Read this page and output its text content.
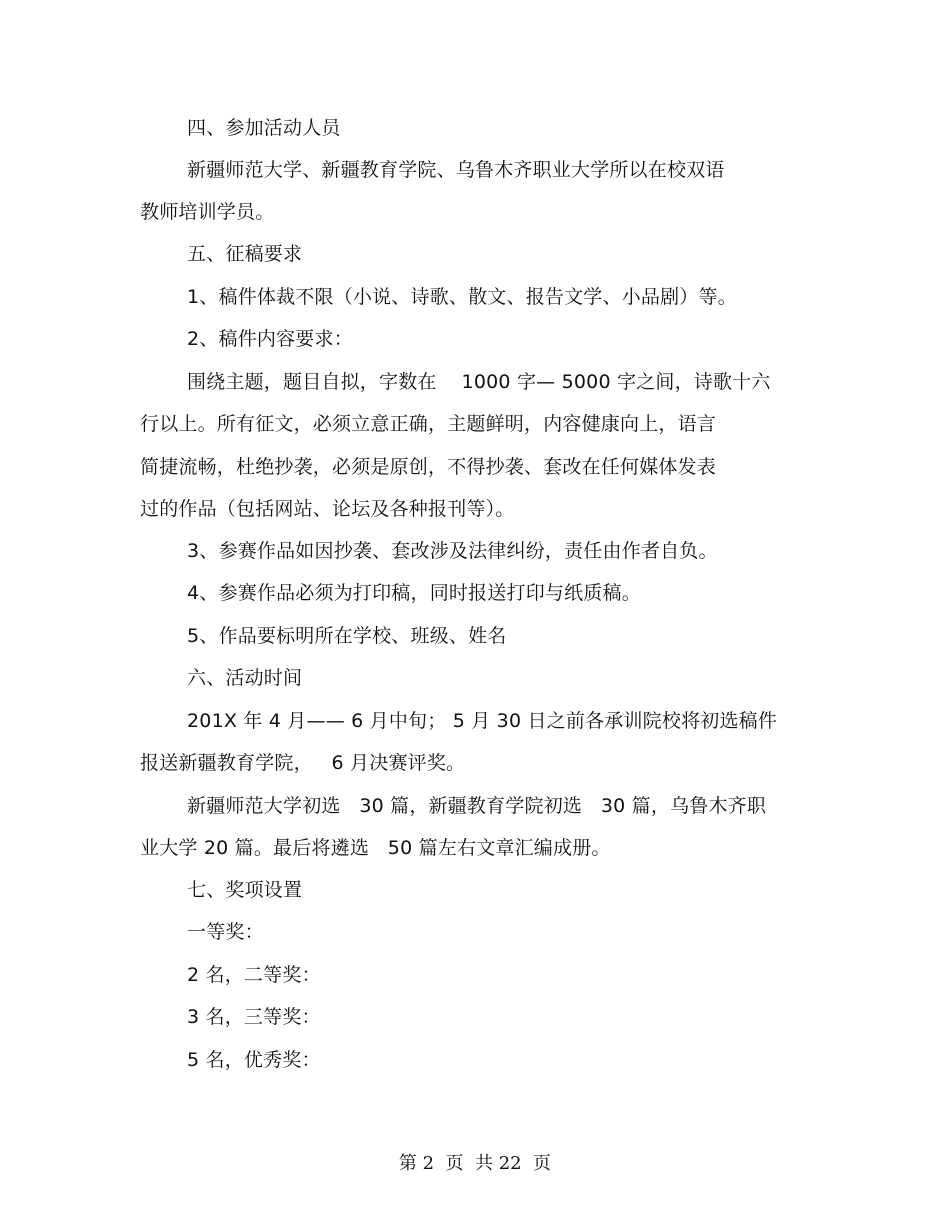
四、参加活动人员
新疆师范大学、新疆教育学院、乌鲁木齐职业大学所以在校双语
教师培训学员。
五、征稿要求
1、稿件体裁不限（小说、诗歌、散文、报告文学、小品剧）等。
2、稿件内容要求：
围绕主题，题目自拟，字数在    1000 字— 5000 字之间，诗歌十六
行以上。所有征文，必须立意正确，主题鲜明，内容健康向上，语言
简捷流畅，杜绝抄袭，必须是原创，不得抄袭、套改在任何媒体发表
过的作品（包括网站、论坛及各种报刊等）。
3、参赛作品如因抄袭、套改涉及法律纠纷，责任由作者自负。
4、参赛作品必须为打印稿，同时报送打印与纸质稿。
5、作品要标明所在学校、班级、姓名
六、活动时间
201X 年 4 月—— 6 月中旬； 5 月 30 日之前各承训院校将初选稿件
报送新疆教育学院，   6 月决赛评奖。
新疆师范大学初选   30 篇，新疆教育学院初选   30 篇，乌鲁木齐职
业大学 20 篇。最后将遴选   50 篇左右文章汇编成册。
七、奖项设置
一等奖：
2 名，二等奖：
3 名，三等奖：
5 名，优秀奖：
第 2  页  共 22  页
